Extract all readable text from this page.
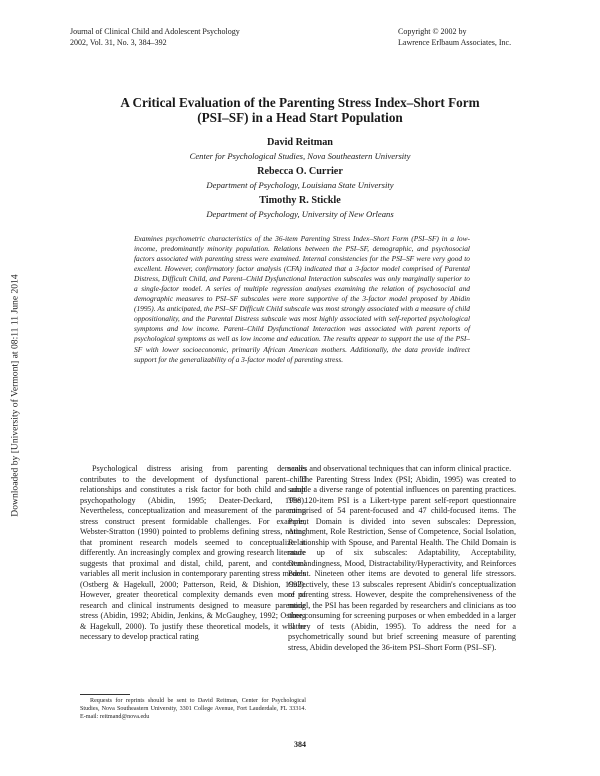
Downloaded by [University of Vermont] at 08:11 11 June 2014
Journal of Clinical Child and Adolescent Psychology
2002, Vol. 31, No. 3, 384–392
Copyright © 2002 by
Lawrence Erlbaum Associates, Inc.
A Critical Evaluation of the Parenting Stress Index–Short Form
(PSI–SF) in a Head Start Population
David Reitman
Center for Psychological Studies, Nova Southeastern University
Rebecca O. Currier
Department of Psychology, Louisiana State University
Timothy R. Stickle
Department of Psychology, University of New Orleans

Examines psychometric characteristics of the 36-item Parenting Stress Index–Short Form (PSI–SF) in a low-income, predominantly minority population. Relations between the PSI–SF, demographic, and psychosocial factors associated with parenting stress were examined. Internal consistencies for the PSI–SF were very good to excellent. However, confirmatory factor analysis (CFA) indicated that a 3-factor model comprised of Parental Distress, Difficult Child, and Parent–Child Dysfunctional Interaction subscales was only marginally superior to a single-factor model. A series of multiple regression analyses examining the relation of psychosocial and demographic measures to PSI–SF subscales were more supportive of the 3-factor model proposed by Abidin (1995). As anticipated, the PSI–SF Difficult Child subscale was most strongly associated with a measure of child oppositionality, and the Parental Distress subscale was most highly associated with self-reported psychological symptoms and low income. Parent–Child Dysfunctional Interaction was associated with parent reports of psychological symptoms as well as low income and education. The results appear to support the use of the PSI–SF with lower socioeconomic, primarily African American mothers. Additionally, the data provide indirect support for the generalizability of a 3-factor model of parenting stress.

Psychological distress arising from parenting demands contributes to the development of dysfunctional parent–child relationships and constitutes a risk factor for both child and adult psychopathology (Abidin, 1995; Deater-Deckard, 1998). Nevertheless, conceptualization and measurement of the parenting stress construct present formidable challenges. For example, Webster-Stratton (1990) pointed to problems defining stress, noting that prominent research models seemed to conceptualize it differently. An increasingly complex and growing research literature suggests that proximal and distal, child, parent, and contextual variables all merit inclusion in contemporary parenting stress models (Ostberg & Hagekull, 2000; Patterson, Reid, & Dishion, 1992). However, greater theoretical complexity demands even more of research and clinical instruments designed to measure parenting stress (Abidin, 1992; Abidin, Jenkins, & McGaughey, 1992; Ostberg & Hagekull, 2000). To justify these theoretical models, it will be necessary to develop practical rating

scales and observational techniques that can inform clinical practice.

The Parenting Stress Index (PSI; Abidin, 1995) was created to sample a diverse range of potential influences on parenting practices. The 120-item PSI is a Likert-type parent self-report questionnaire comprised of 54 parent-focused and 47 child-focused items. The Parent Domain is divided into seven subscales: Depression, Attachment, Role Restriction, Sense of Competence, Social Isolation, Relationship with Spouse, and Parental Health. The Child Domain is made up of six subscales: Adaptability, Acceptability, Demandingness, Mood, Distractability/Hyperactivity, and Reinforces Parent. Nineteen other items are devoted to general life stressors. Collectively, these 13 subscales represent Abidin's conceptualization of parenting stress. However, despite the comprehensiveness of the model, the PSI has been regarded by researchers and clinicians as too time consuming for screening purposes or when embedded in a larger battery of tests (Abidin, 1995). To address the need for a psychometrically sound but brief screening measure of parenting stress, Abidin developed the 36-item PSI–Short Form (PSI–SF).

Requests for reprints should be sent to David Reitman, Center for Psychological Studies, Nova Southeastern University, 3301 College Avenue, Fort Lauderdale, FL 33314. E-mail: reitmand@nova.edu

384
